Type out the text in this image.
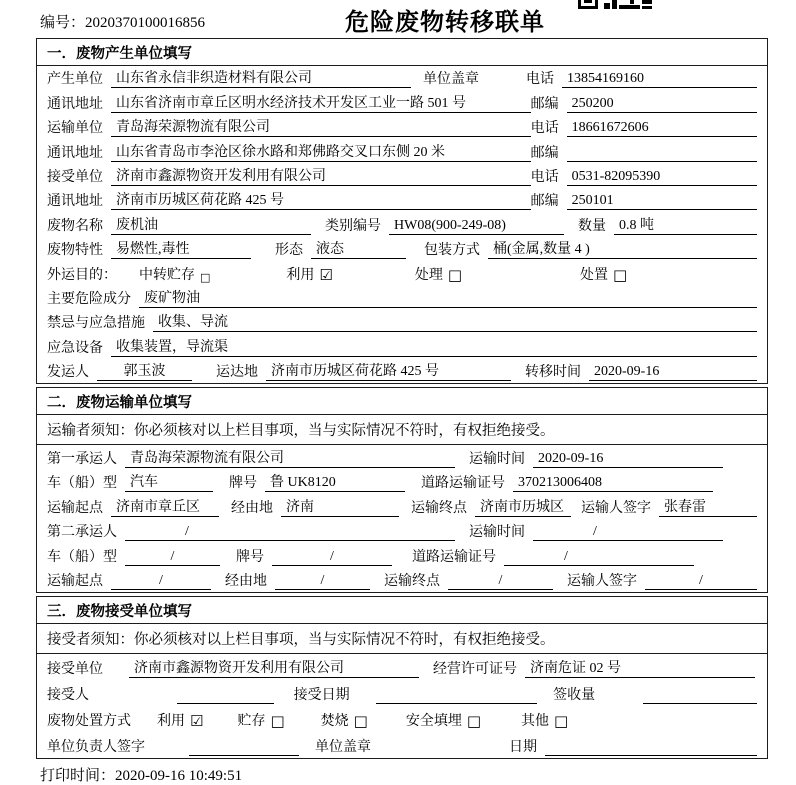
编号：2020370100016856	危险废物转移联单
一．废物产生单位填写
产生单位 山东省永信非织造材料有限公司	单位盖章	电话 13854169160
通讯地址 山东省济南市章丘区明水经济技术开发区工业一路 501 号	邮编 250200
运输单位 青岛海荣源物流有限公司	电话 18661672606
通讯地址 山东省青岛市李沧区徐水路和郑佛路交叉口东侧 20 米	邮编
接受单位 济南市鑫源物资开发利用有限公司	电话 0531-82095390
通讯地址 济南市历城区荷花路 425 号	邮编 250101
废物名称 废机油	类别编号 HW08(900-249-08)	数量 0.8 吨
废物特性 易燃性,毒性	形态 液态	包装方式 桶(金属,数量 4 )
外运目的： 中转贮存 □	利用 ☑	处理 □	处置 □
主要危险成分 废矿物油
禁忌与应急措施 收集、导流
应急设备 收集装置，导流渠
发运人	郭玉波	运达地 济南市历城区荷花路 425 号	转移时间 2020-09-16
二．废物运输单位填写
运输者须知：你必须核对以上栏目事项，当与实际情况不符时，有权拒绝接受。
第一承运人 青岛海荣源物流有限公司	运输时间 2020-09-16
车（船）型 汽车	牌号 鲁 UK8120	道路运输证号 370213006408
运输起点 济南市章丘区	经由地 济南	运输终点 济南市历城区	运输人签字 张春雷
第二承运人	/	运输时间	/
车（船）型	/	牌号	/	道路运输证号	/
运输起点	/	经由地	/	运输终点	/	运输人签字	/
三．废物接受单位填写
接受者须知：你必须核对以上栏目事项，当与实际情况不符时，有权拒绝接受。
接受单位	济南市鑫源物资开发利用有限公司	经营许可证号 济南危证 02 号
接受人	接受日期	签收量
废物处置方式 利用 ☑ 贮存 □	焚烧 □	安全填埋 □	其他 □
单位负责人签字	单位盖章	日期
打印时间：2020-09-16 10:49:51
